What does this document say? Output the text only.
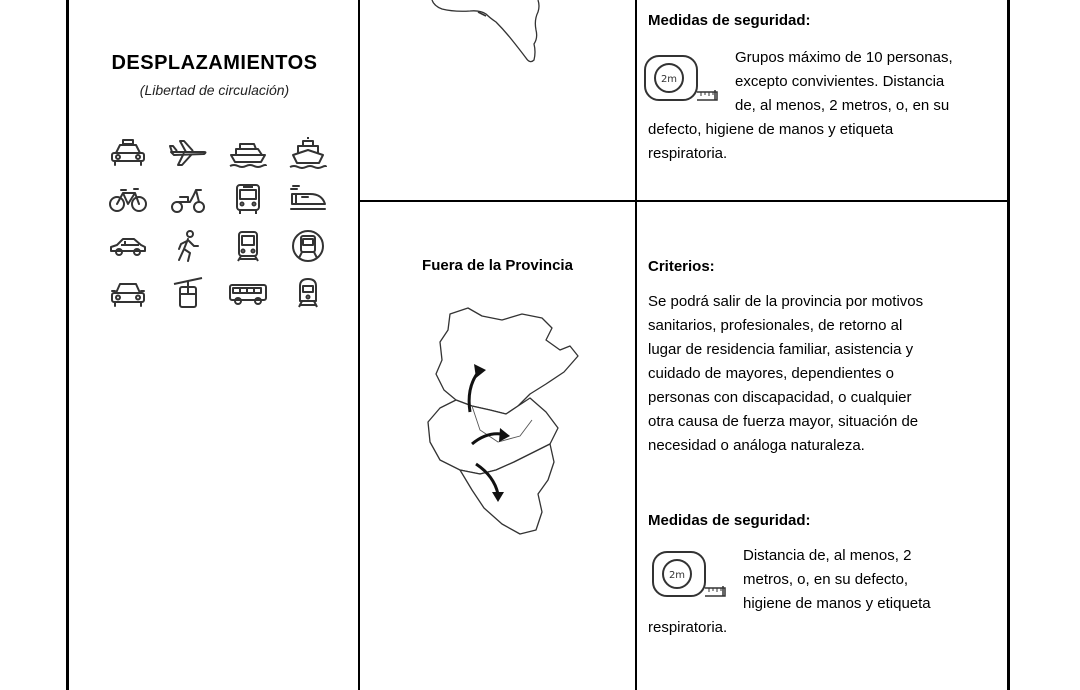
DESPLAZAMIENTOS
(Libertad de circulación)
Medidas de seguridad:
2m
Grupos máximo de 10 personas,
excepto convivientes. Distancia
de, al menos, 2 metros, o, en su
defecto, higiene de manos y etiqueta
respiratoria.
Fuera de la Provincia	Criterios:
Se podrá salir de la provincia por motivos
sanitarios, profesionales, de retorno al
lugar de residencia familiar, asistencia y
cuidado de mayores, dependientes o
personas con discapacidad, o cualquier
otra causa de fuerza mayor, situación de
necesidad o análoga naturaleza.
Medidas de seguridad:
2m
Distancia de, al menos, 2
metros, o, en su defecto,
higiene de manos y etiqueta
respiratoria.
